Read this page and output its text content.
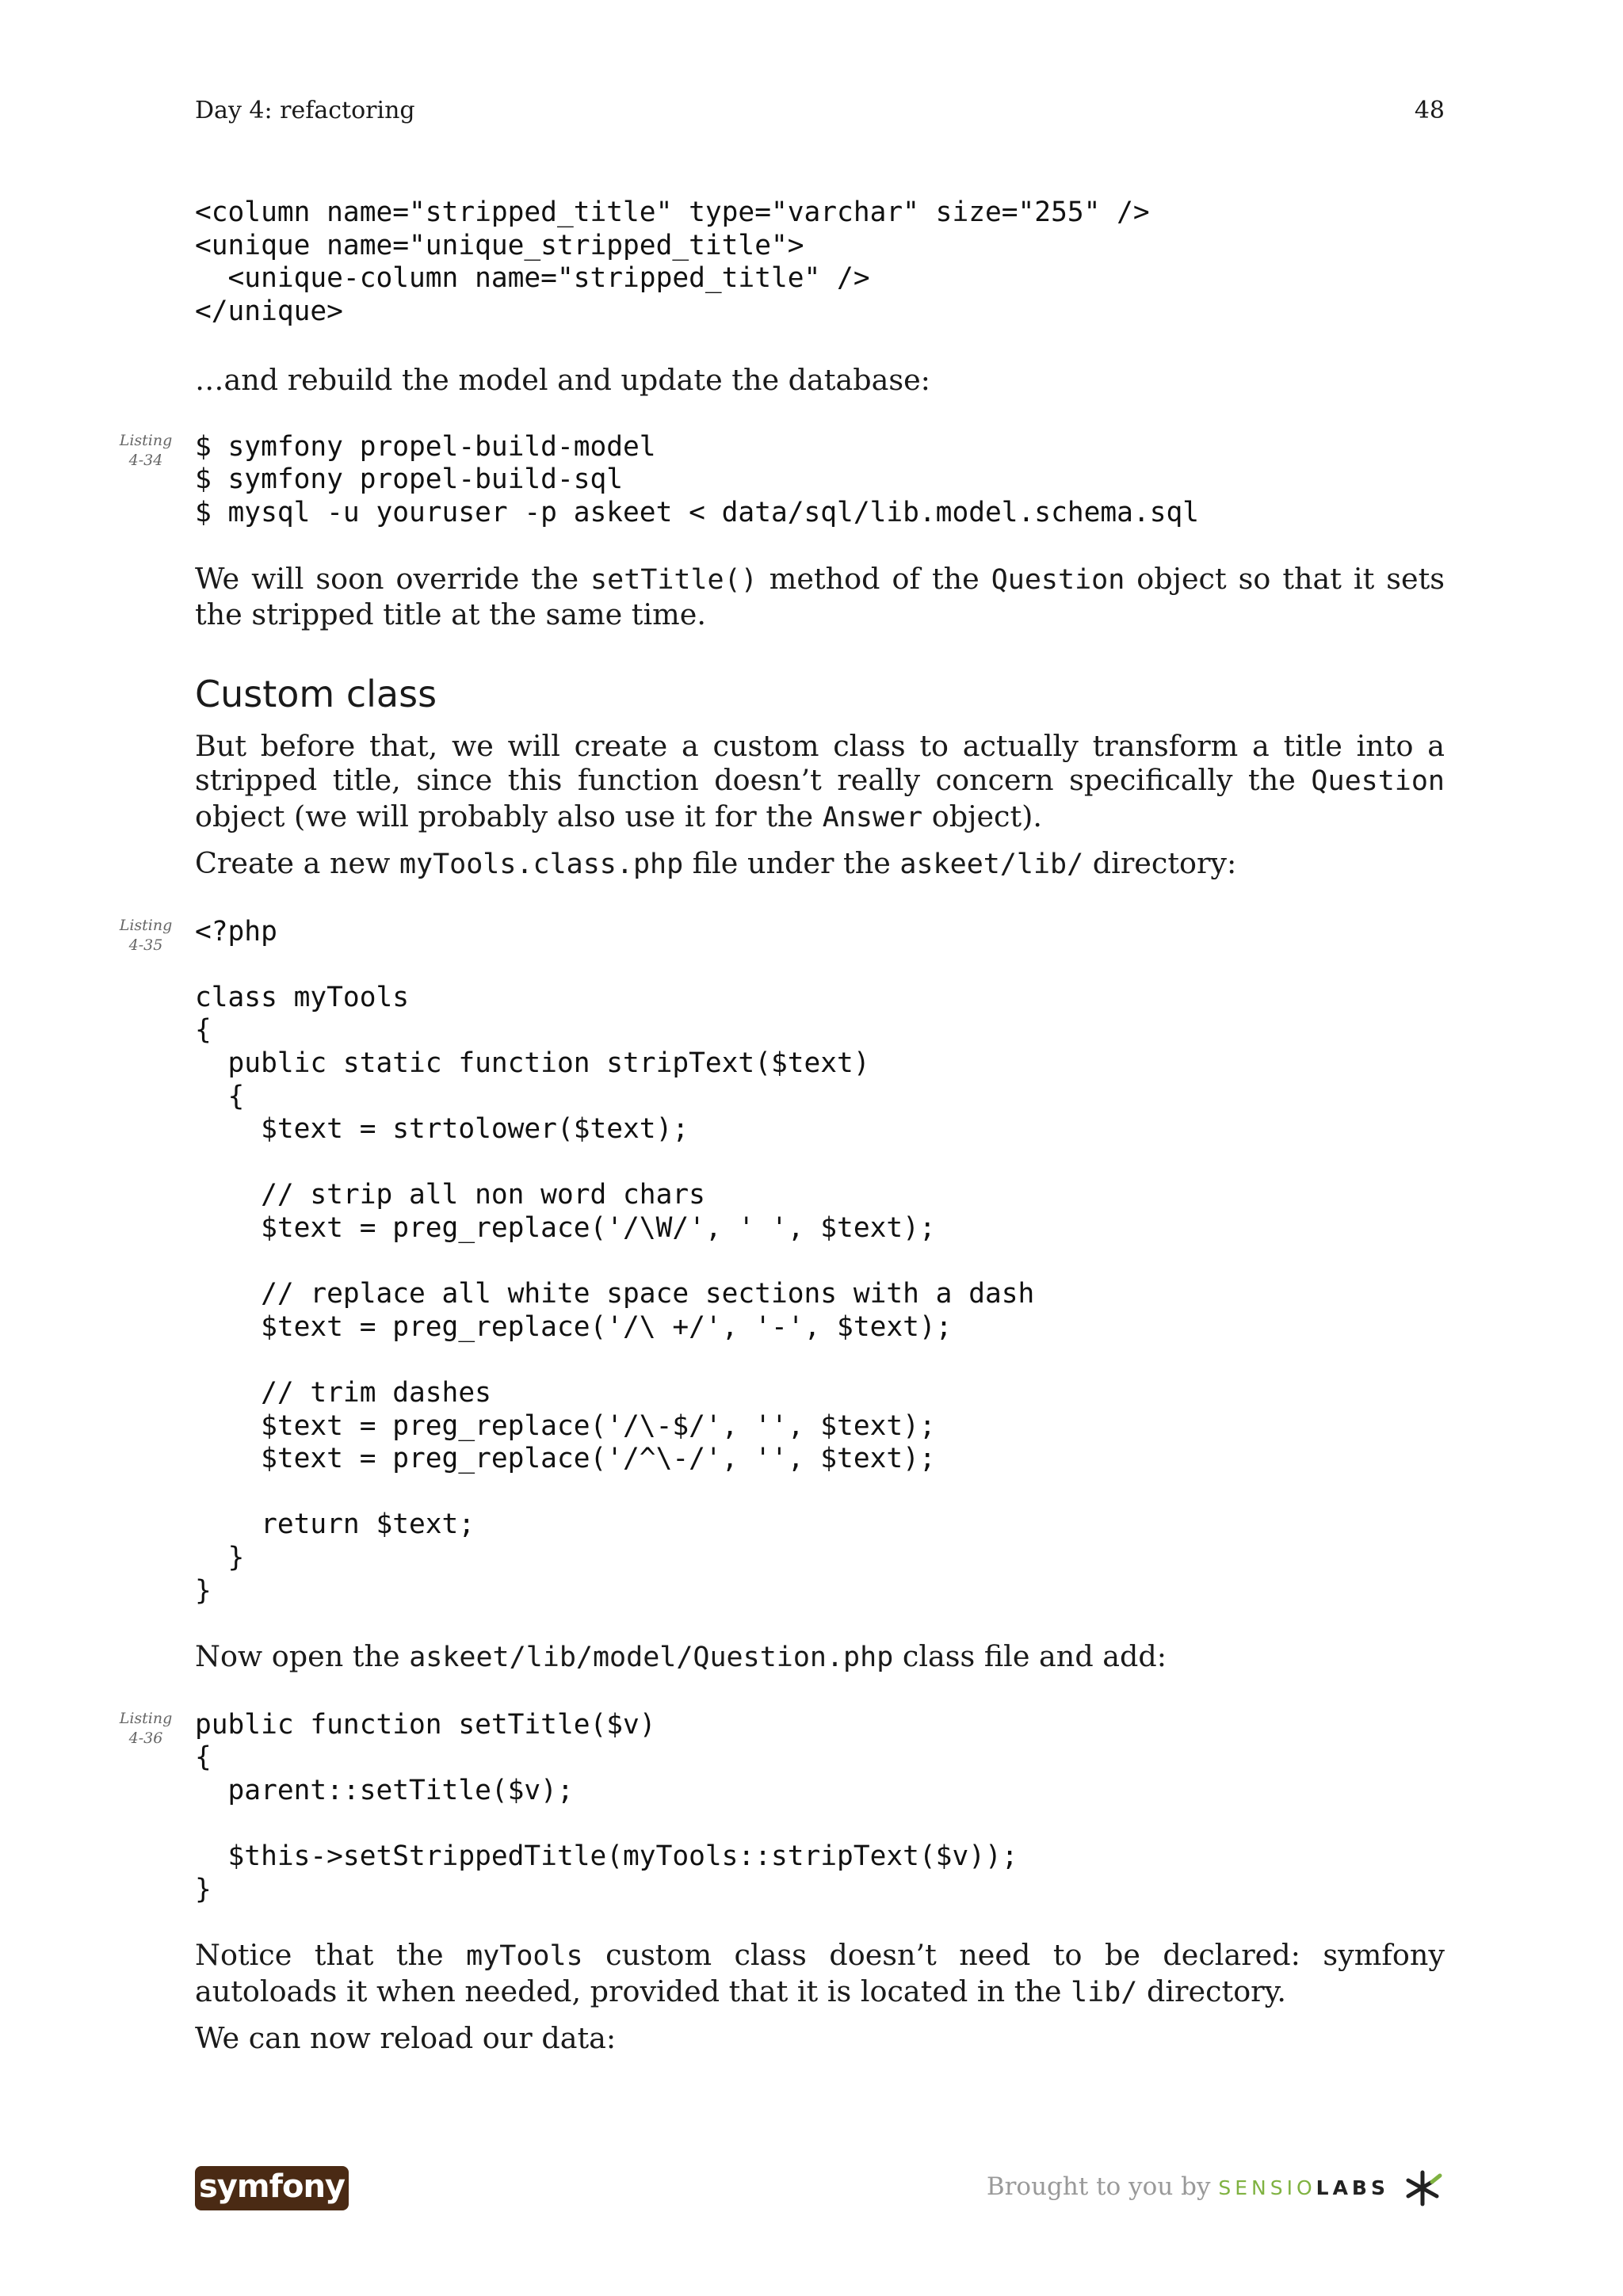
Day 4: refactoring	48
<column name="stripped_title" type="varchar" size="255" />
<unique name="unique_stripped_title">
<unique-column name="stripped_title" />
</unique>

…and rebuild the model and update the database:

Listing
4-34	$ symfony propel-build-model
$ symfony propel-build-sql
$ mysql -u youruser -p askeet < data/sql/lib.model.schema.sql

We will soon override the setTitle() method of the Question object so that it sets the stripped title at the same time.

Custom class

But before that, we will create a custom class to actually transform a title into a stripped title, since this function doesn’t really concern specifically the Question object (we will probably also use it for the Answer object).

Create a new myTools.class.php file under the askeet/lib/ directory:

Listing
4-35	<?php

class myTools
{
public static function stripText($text)
{
$text = strtolower($text);

// strip all non word chars
$text = preg_replace('/\W/', ' ', $text);

// replace all white space sections with a dash
$text = preg_replace('/\ +/', '-', $text);

// trim dashes
$text = preg_replace('/\-$/', '', $text);
$text = preg_replace('/^\-/', '', $text);

return $text;
}
}

Now open the askeet/lib/model/Question.php class file and add:

Listing
4-36	public function setTitle($v)
{
parent::setTitle($v);

$this->setStrippedTitle(myTools::stripText($v));
}

Notice that the myTools custom class doesn’t need to be declared: symfony autoloads it when needed, provided that it is located in the lib/ directory.

We can now reload our data:

symfony	Brought to you by SENSIOLABS
